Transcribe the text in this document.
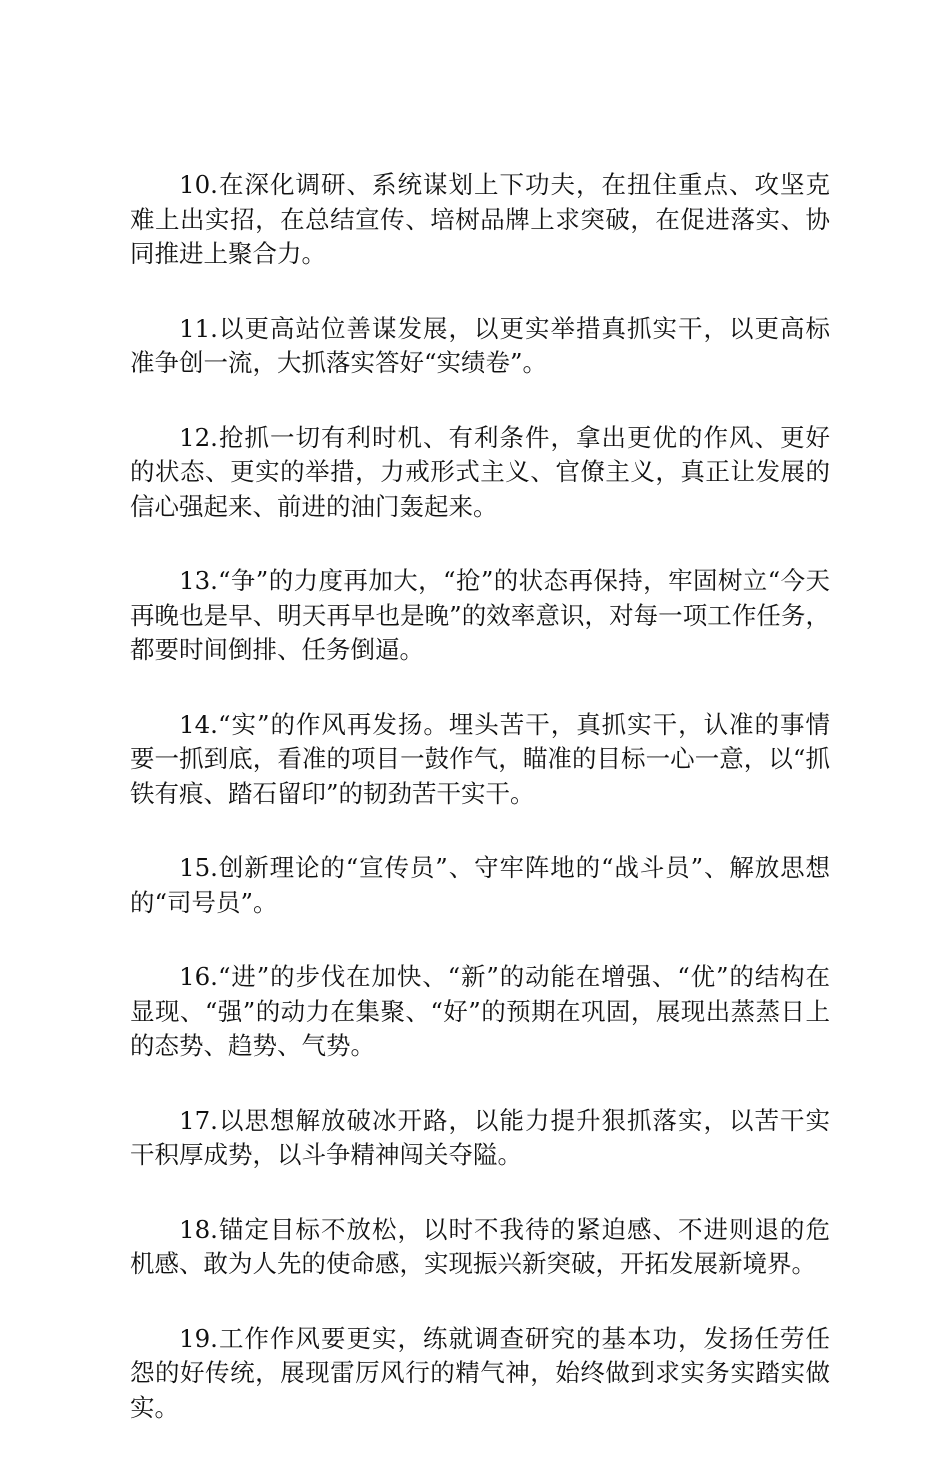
10.在深化调研、系统谋划上下功夫，在扭住重点、攻坚克难上出实招，在总结宣传、培树品牌上求突破，在促进落实、协同推进上聚合力。

11.以更高站位善谋发展，以更实举措真抓实干，以更高标准争创一流，大抓落实答好“实绩卷”。

12.抢抓一切有利时机、有利条件，拿出更优的作风、更好的状态、更实的举措，力戒形式主义、官僚主义，真正让发展的信心强起来、前进的油门轰起来。

13.“争”的力度再加大，“抢”的状态再保持，牢固树立“今天再晚也是早、明天再早也是晚”的效率意识，对每一项工作任务，都要时间倒排、任务倒逼。

14.“实”的作风再发扬。埋头苦干，真抓实干，认准的事情要一抓到底，看准的项目一鼓作气，瞄准的目标一心一意，以“抓铁有痕、踏石留印”的韧劲苦干实干。

15.创新理论的“宣传员”、守牢阵地的“战斗员”、解放思想的“司号员”。

16.“进”的步伐在加快、“新”的动能在增强、“优”的结构在显现、“强”的动力在集聚、“好”的预期在巩固，展现出蒸蒸日上的态势、趋势、气势。

17.以思想解放破冰开路，以能力提升狠抓落实，以苦干实干积厚成势，以斗争精神闯关夺隘。

18.锚定目标不放松，以时不我待的紧迫感、不进则退的危机感、敢为人先的使命感，实现振兴新突破，开拓发展新境界。

19.工作作风要更实，练就调查研究的基本功，发扬任劳任怨的好传统，展现雷厉风行的精气神，始终做到求实务实踏实做实。
